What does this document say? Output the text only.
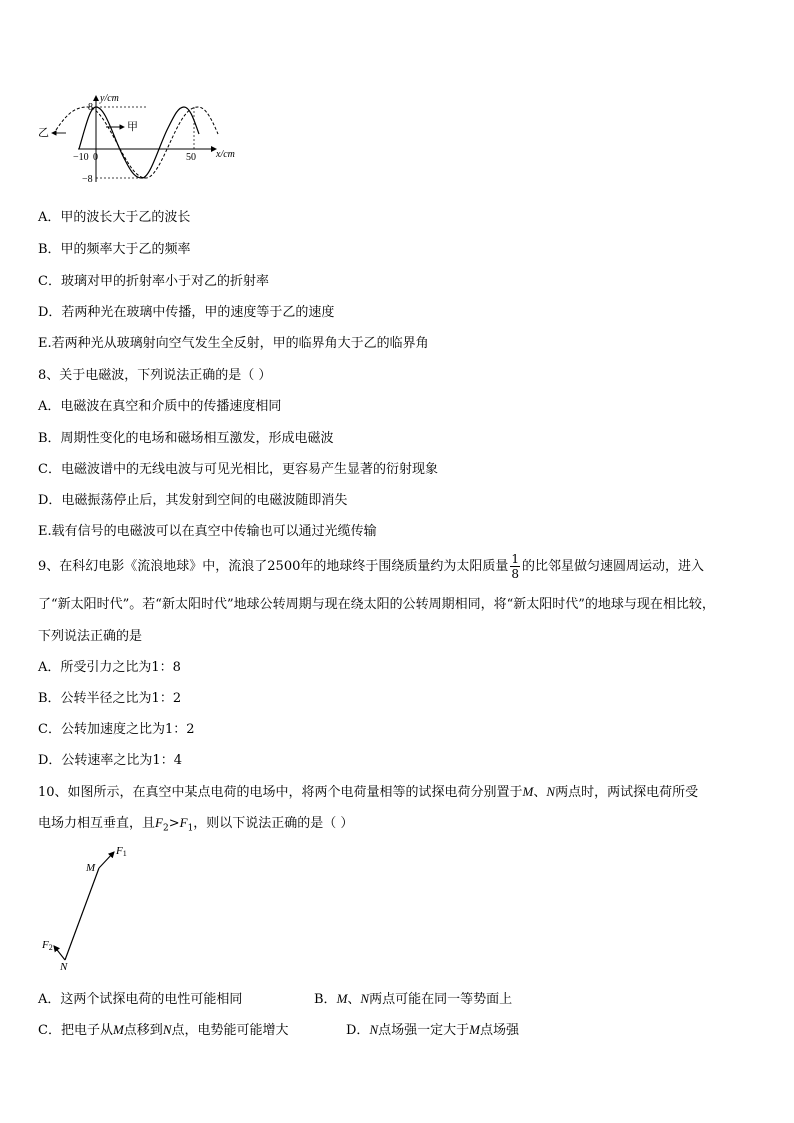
y/cm
x/cm
8
−8
−10 0	50
甲
乙
A．甲的波长大于乙的波长
B．甲的频率大于乙的频率
C．玻璃对甲的折射率小于对乙的折射率
D．若两种光在玻璃中传播，甲的速度等于乙的速度
E.若两种光从玻璃射向空气发生全反射，甲的临界角大于乙的临界角
8、关于电磁波，下列说法正确的是（ ）
A．电磁波在真空和介质中的传播速度相同
B．周期性变化的电场和磁场相互激发，形成电磁波
C．电磁波谱中的无线电波与可见光相比，更容易产生显著的衍射现象
D．电磁振荡停止后，其发射到空间的电磁波随即消失
E.载有信号的电磁波可以在真空中传输也可以通过光缆传输
9、在科幻电影《流浪地球》中，流浪了2500年的地球终于围绕质量约为太阳质量 $\frac{1}{8}$ 的比邻星做匀速圆周运动，进入
了“新太阳时代”。若“新太阳时代”地球公转周期与现在绕太阳的公转周期相同，将“新太阳时代”的地球与现在相比较，
下列说法正确的是
A．所受引力之比为1：8
B．公转半径之比为1：2
C．公转加速度之比为1：2
D．公转速率之比为1：4
10、如图所示，在真空中某点电荷的电场中，将两个电荷量相等的试探电荷分别置于M、N两点时，两试探电荷所受
电场力相互垂直，且$F_2>F_1$，则以下说法正确的是（ ）
F1
F2
M
N
A．这两个试探电荷的电性可能相同	B．M、N两点可能在同一等势面上
C．把电子从M点移到N点，电势能可能增大	D．N点场强一定大于M点场强
